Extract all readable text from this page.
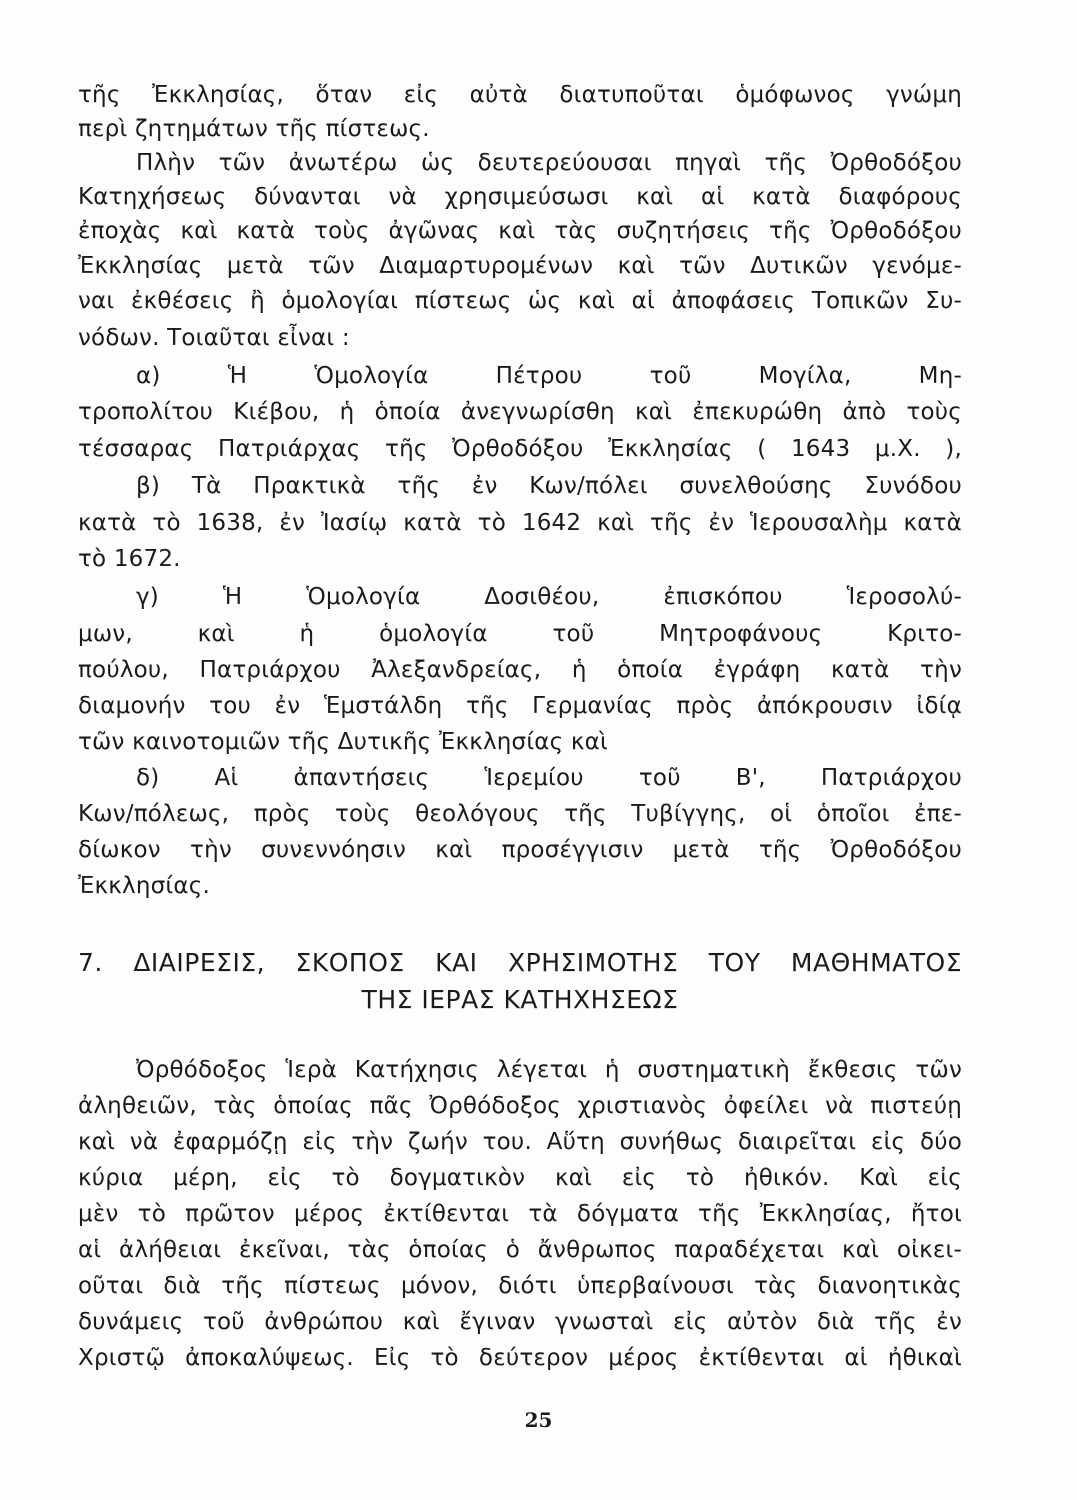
τῆς Ἐκκλησίας, ὅταν εἰς αὐτὰ διατυποῦται ὁμόφωνος γνώμη
περὶ ζητημάτων τῆς πίστεως.
Πλὴν τῶν ἀνωτέρω ὡς δευτερεύουσαι πηγαὶ τῆς Ὀρθοδόξου
Κατηχήσεως δύνανται νὰ χρησιμεύσωσι καὶ αἱ κατὰ διαφόρους
ἐποχὰς καὶ κατὰ τοὺς ἀγῶνας καὶ τὰς συζητήσεις τῆς Ὀρθοδόξου
Ἐκκλησίας μετὰ τῶν Διαμαρτυρομένων καὶ τῶν Δυτικῶν γενόμε-
ναι ἐκθέσεις ἢ ὁμολογίαι πίστεως ὡς καὶ αἱ ἀποφάσεις Τοπικῶν Συ-
νόδων. Τοιαῦται εἶναι :
α) Ἡ Ὁμολογία Πέτρου τοῦ Μογίλα, Μη-
τροπολίτου Κιέβου, ἡ ὁποία ἀνεγνωρίσθη καὶ ἐπεκυρώθη ἀπὸ τοὺς
τέσσαρας Πατριάρχας τῆς Ὀρθοδόξου Ἐκκλησίας ( 1643 μ.Χ. ),
β) Τὰ Πρακτικὰ τῆς ἐν Κων/πόλει συνελθούσης Συνόδου
κατὰ τὸ 1638, ἐν Ἰασίῳ κατὰ τὸ 1642 καὶ τῆς ἐν Ἱερουσαλὴμ κατὰ
τὸ 1672.
γ) Ἡ Ὁμολογία Δοσιθέου, ἐπισκόπου Ἱεροσολύ-
μων, καὶ ἡ ὁμολογία τοῦ Μητροφάνους Κριτο-
πούλου, Πατριάρχου Ἀλεξανδρείας, ἡ ὁποία ἐγράφη κατὰ τὴν
διαμονήν του ἐν Ἑμστάλδη τῆς Γερμανίας πρὸς ἀπόκρουσιν ἰδίᾳ
τῶν καινοτομιῶν τῆς Δυτικῆς Ἐκκλησίας καὶ
δ) Αἱ ἀπαντήσεις Ἱερεμίου τοῦ Β', Πατριάρχου
Κων/πόλεως, πρὸς τοὺς θεολόγους τῆς Τυβίγγης, οἱ ὁποῖοι ἐπε-
δίωκον τὴν συνεννόησιν καὶ προσέγγισιν μετὰ τῆς Ὀρθοδόξου
Ἐκκλησίας.
7. ΔΙΑΙΡΕΣΙΣ, ΣΚΟΠΟΣ ΚΑΙ ΧΡΗΣΙΜΟΤΗΣ ΤΟΥ ΜΑΘΗΜΑΤΟΣ
ΤΗΣ ΙΕΡΑΣ ΚΑΤΗΧΗΣΕΩΣ
Ὀρθόδοξος Ἱερὰ Κατήχησις λέγεται ἡ συστηματικὴ ἔκθεσις τῶν
ἀληθειῶν, τὰς ὁποίας πᾶς Ὀρθόδοξος χριστιανὸς ὀφείλει νὰ πιστεύῃ
καὶ νὰ ἐφαρμόζῃ εἰς τὴν ζωήν του. Αὕτη συνήθως διαιρεῖται εἰς δύο
κύρια μέρη, εἰς τὸ δογματικὸν καὶ εἰς τὸ ἠθικόν. Καὶ εἰς
μὲν τὸ πρῶτον μέρος ἐκτίθενται τὰ δόγματα τῆς Ἐκκλησίας, ἤτοι
αἱ ἀλήθειαι ἐκεῖναι, τὰς ὁποίας ὁ ἄνθρωπος παραδέχεται καὶ οἰκει-
οῦται διὰ τῆς πίστεως μόνον, διότι ὑπερβαίνουσι τὰς διανοητικὰς
δυνάμεις τοῦ ἀνθρώπου καὶ ἔγιναν γνωσταὶ εἰς αὐτὸν διὰ τῆς ἐν
Χριστῷ ἀποκαλύψεως. Εἰς τὸ δεύτερον μέρος ἐκτίθενται αἱ ἠθικαὶ
25
